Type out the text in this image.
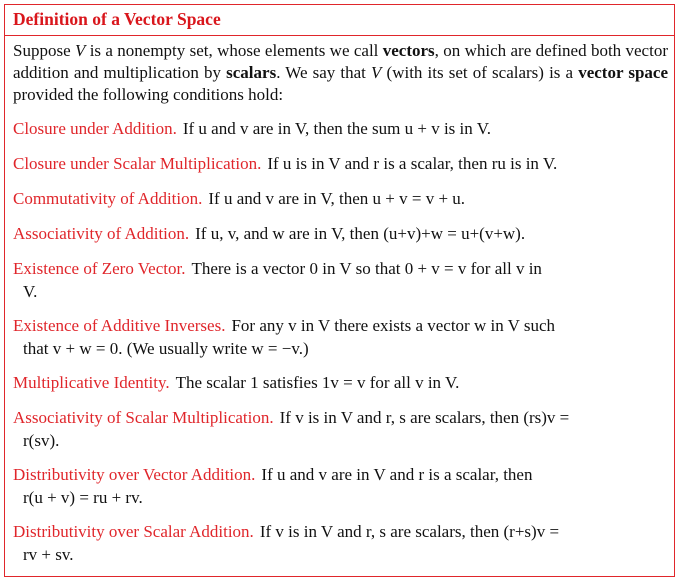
Definition of a Vector Space
Suppose V is a nonempty set, whose elements we call vectors, on which are defined both vector addition and multiplication by scalars. We say that V (with its set of scalars) is a vector space provided the following conditions hold:
Closure under Addition. If u and v are in V, then the sum u + v is in V.
Closure under Scalar Multiplication. If u is in V and r is a scalar, then ru is in V.
Commutativity of Addition. If u and v are in V, then u + v = v + u.
Associativity of Addition. If u, v, and w are in V, then (u+v)+w = u+(v+w).
Existence of Zero Vector. There is a vector 0 in V so that 0 + v = v for all v in
V.
Existence of Additive Inverses. For any v in V there exists a vector w in V such
that v + w = 0. (We usually write w = −v.)
Multiplicative Identity. The scalar 1 satisfies 1v = v for all v in V.
Associativity of Scalar Multiplication. If v is in V and r, s are scalars, then (rs)v =
r(sv).
Distributivity over Vector Addition. If u and v are in V and r is a scalar, then
r(u + v) = ru + rv.
Distributivity over Scalar Addition. If v is in V and r, s are scalars, then (r+s)v =
rv + sv.
